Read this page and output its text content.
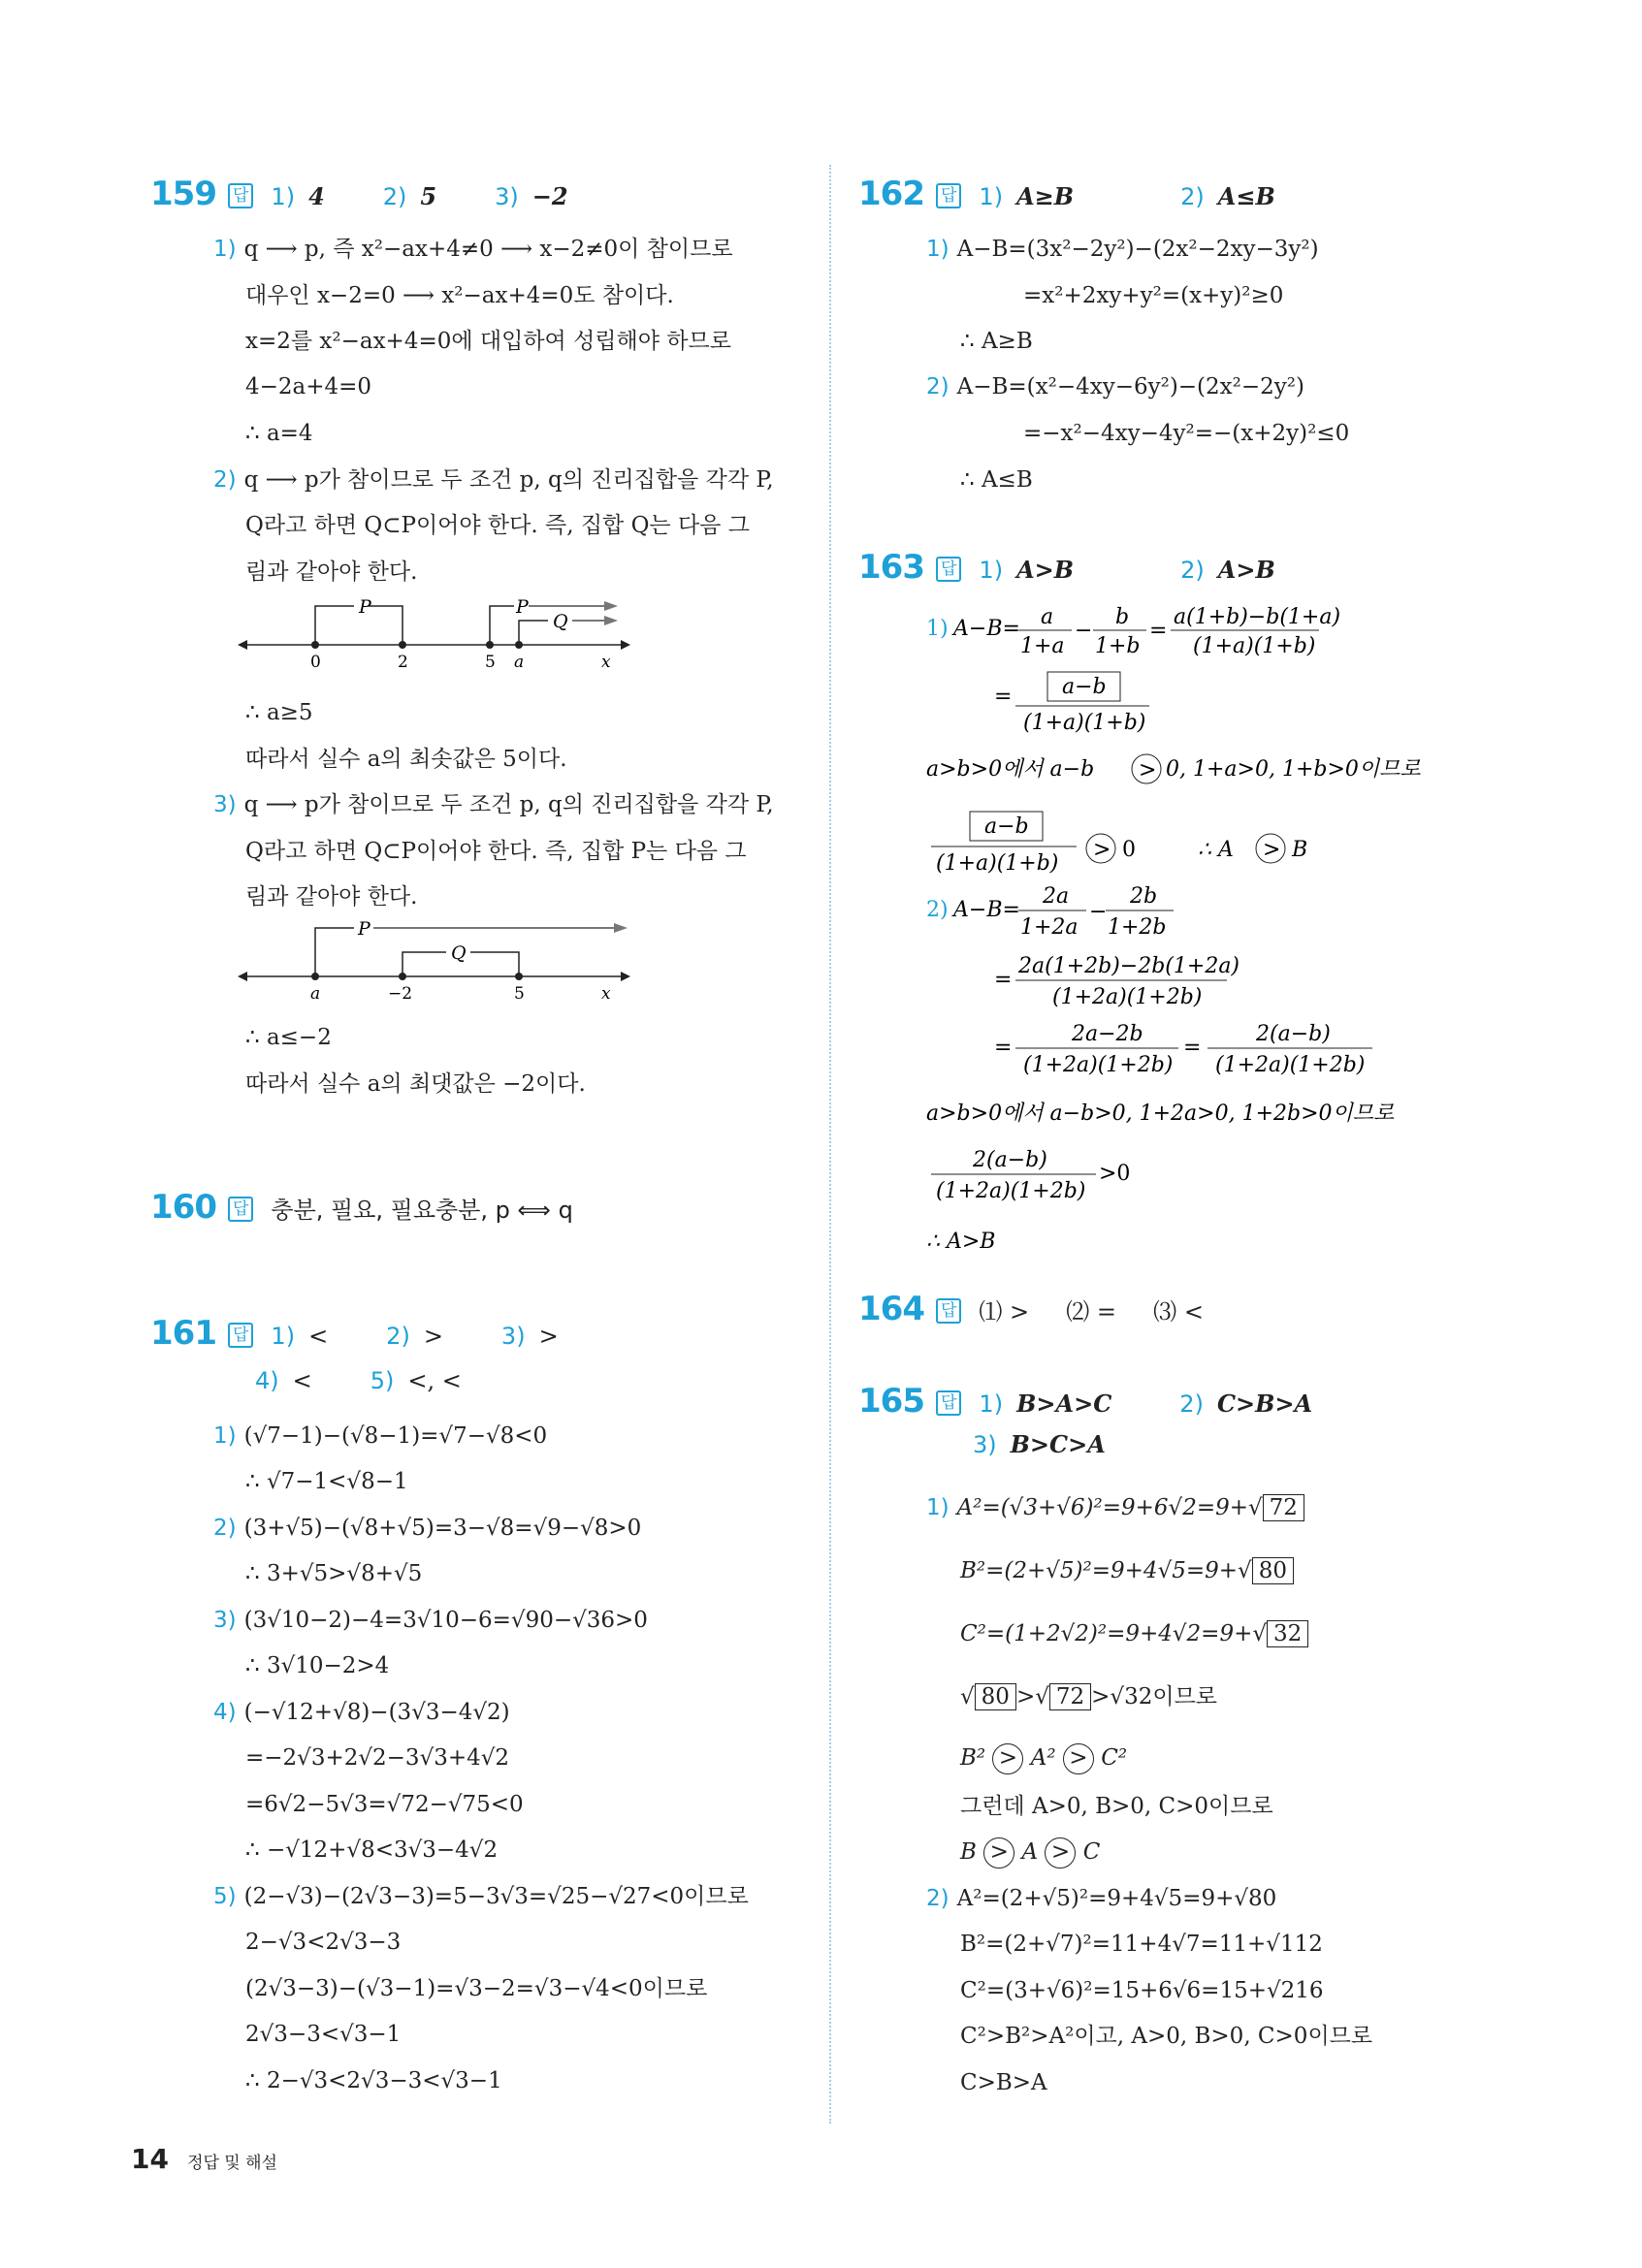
159 답 1) 4	2) 5	3) −2
1) q ⟶ p, 즉 x²−ax+4≠0 ⟶ x−2≠0이 참이므로
대우인 x−2=0 ⟶ x²−ax+4=0도 참이다.
x=2를 x²−ax+4=0에 대입하여 성립해야 하므로
4−2a+4=0
∴ a=4
2) q ⟶ p가 참이므로 두 조건 p, q의 진리집합을 각각 P,
Q라고 하면 Q⊂P이어야 한다. 즉, 집합 Q는 다음 그
림과 같아야 한다.
P	P
Q
0	2	5 a	x
∴ a≥5
따라서 실수 a의 최솟값은 5이다.
3) q ⟶ p가 참이므로 두 조건 p, q의 진리집합을 각각 P,
Q라고 하면 Q⊂P이어야 한다. 즉, 집합 P는 다음 그
림과 같아야 한다.
P
Q
a	−2	5	x
∴ a≤−2
따라서 실수 a의 최댓값은 −2이다.
160 답 충분, 필요, 필요충분, p ⟺ q
161 답 1) <	2) >	3) >
4) <	5) <, <
1) (√7−1)−(√8−1)=√7−√8<0
∴ √7−1<√8−1
2) (3+√5)−(√8+√5)=3−√8=√9−√8>0
∴ 3+√5>√8+√5
3) (3√10−2)−4=3√10−6=√90−√36>0
∴ 3√10−2>4
4) (−√12+√8)−(3√3−4√2)
=−2√3+2√2−3√3+4√2
=6√2−5√3=√72−√75<0
∴ −√12+√8<3√3−4√2
5) (2−√3)−(2√3−3)=5−3√3=√25−√27<0이므로
2−√3<2√3−3
(2√3−3)−(√3−1)=√3−2=√3−√4<0이므로
2√3−3<√3−1
∴ 2−√3<2√3−3<√3−1
162 답 1) A≥B	2) A≤B
1) A−B=(3x²−2y²)−(2x²−2xy−3y²)
=x²+2xy+y²=(x+y)²≥0
∴ A≥B
2) A−B=(x²−4xy−6y²)−(2x²−2y²)
=−x²−4xy−4y²=−(x+2y)²≤0
∴ A≤B
163 답 1) A>B	2) A>B
1) A−B= a
1+a
−
b
1+b
=
a(1+b)−b(1+a)
(1+a)(1+b)
= a−b
(1+a)(1+b)
a>b>0에서 a−b > 0, 1+a>0, 1+b>0이므로
a−b
(1+a)(1+b)
> 0	∴ A > B
2) A−B=
2a
1+2a
−
2b
1+2b
=
2a(1+2b)−2b(1+2a)
(1+2a)(1+2b)
=
2a−2b
(1+2a)(1+2b)
=
2(a−b)
(1+2a)(1+2b)
a>b>0에서 a−b>0, 1+2a>0, 1+2b>0이므로
2(a−b)
(1+2a)(1+2b)
>0
∴ A>B
164 답 ⑴ >     ⑵ =     ⑶ <
165 답 1) B>A>C	2) C>B>A
3) B>C>A
1) A²=(√3+√6)²=9+6√2=9+√ 72
B²=(2+√5)²=9+4√5=9+√ 80
C²=(1+2√2)²=9+4√2=9+√ 32
√ 80 >√ 72 >√32이므로
B² > A² > C²
그런데 A>0, B>0, C>0이므로
B > A > C
2) A²=(2+√5)²=9+4√5=9+√80
B²=(2+√7)²=11+4√7=11+√112
C²=(3+√6)²=15+6√6=15+√216
C²>B²>A²이고, A>0, B>0, C>0이므로
C>B>A
14 정답 및 해설
